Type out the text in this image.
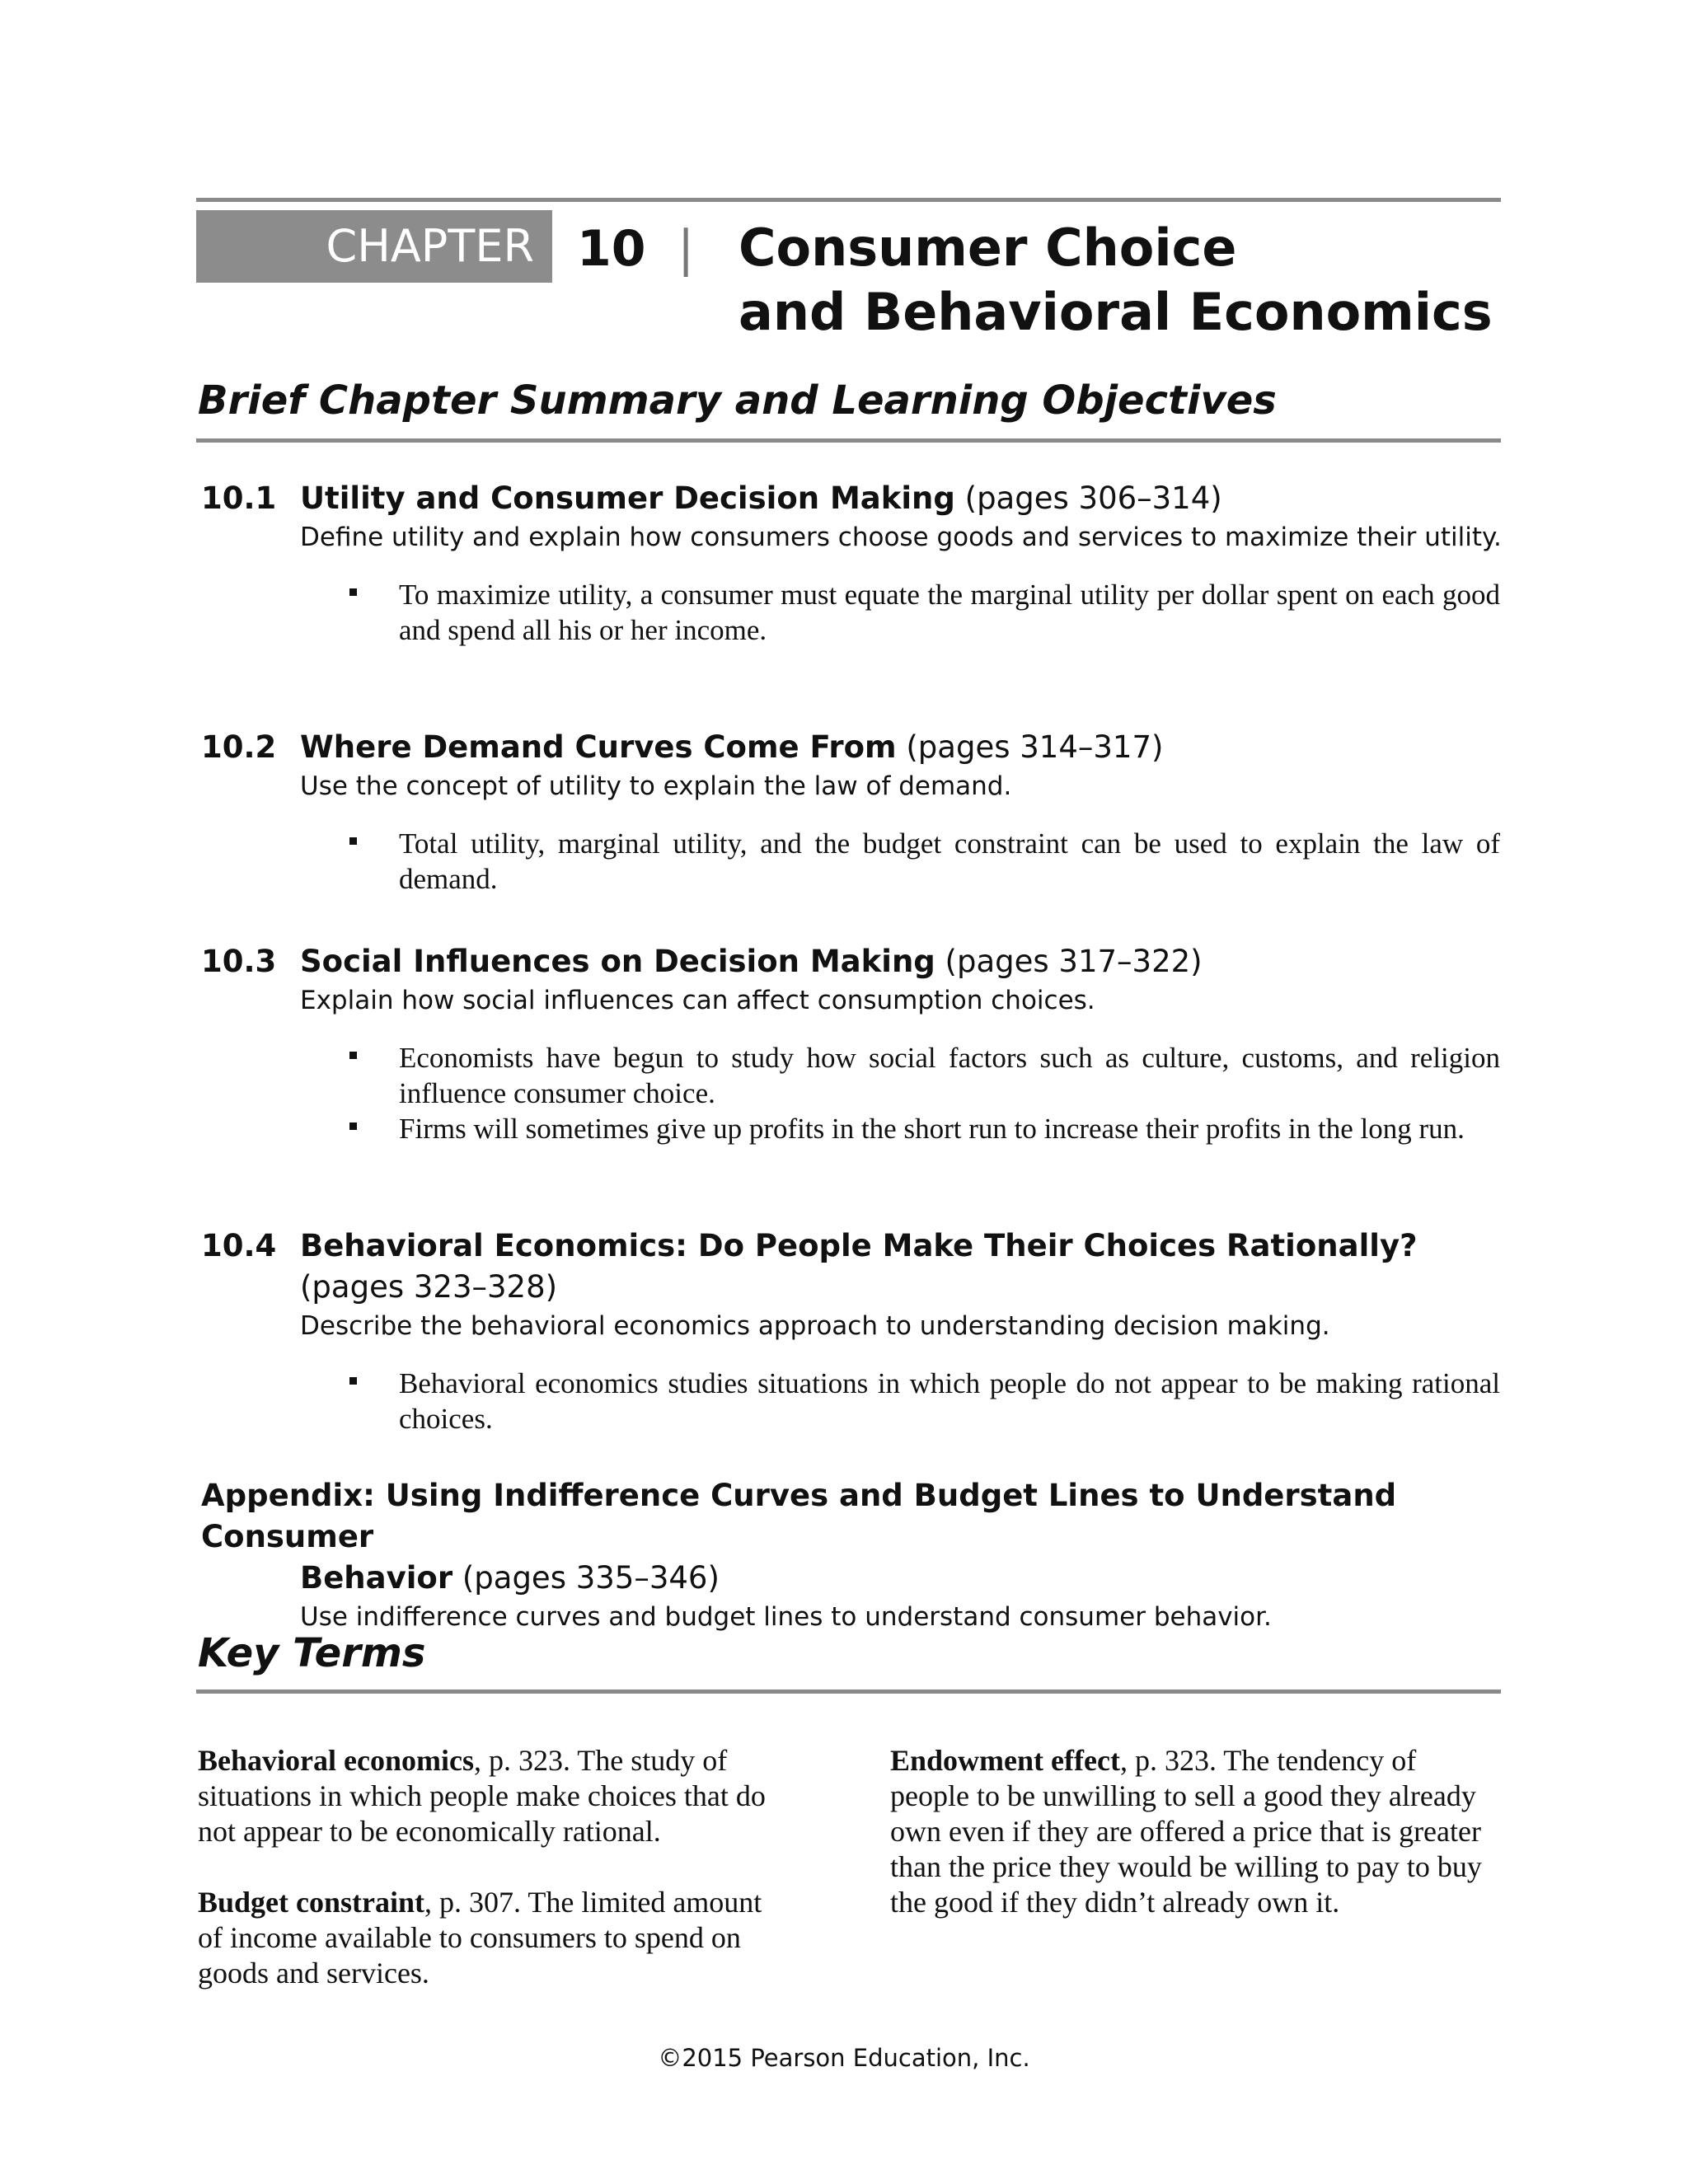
CHAPTER 10 | Consumer Choice
and Behavioral Economics
Brief Chapter Summary and Learning Objectives
10.1 Utility and Consumer Decision Making (pages 306–314)
Define utility and explain how consumers choose goods and services to maximize their utility.
To maximize utility, a consumer must equate the marginal utility per dollar spent on each good and spend all his or her income.
10.2 Where Demand Curves Come From (pages 314–317)
Use the concept of utility to explain the law of demand.
Total utility, marginal utility, and the budget constraint can be used to explain the law of demand.
10.3 Social Influences on Decision Making (pages 317–322)
Explain how social influences can affect consumption choices.
Economists have begun to study how social factors such as culture, customs, and religion influence consumer choice.
Firms will sometimes give up profits in the short run to increase their profits in the long run.
10.4 Behavioral Economics: Do People Make Their Choices Rationally?
(pages 323–328)
Describe the behavioral economics approach to understanding decision making.
Behavioral economics studies situations in which people do not appear to be making rational choices.
Appendix: Using Indifference Curves and Budget Lines to Understand Consumer
Behavior (pages 335–346)
Use indifference curves and budget lines to understand consumer behavior.
Key Terms
Behavioral economics, p. 323. The study of situations in which people make choices that do not appear to be economically rational.
Budget constraint, p. 307. The limited amount of income available to consumers to spend on goods and services.
Endowment effect, p. 323. The tendency of people to be unwilling to sell a good they already own even if they are offered a price that is greater than the price they would be willing to pay to buy the good if they didn’t already own it.
©2015 Pearson Education, Inc.
